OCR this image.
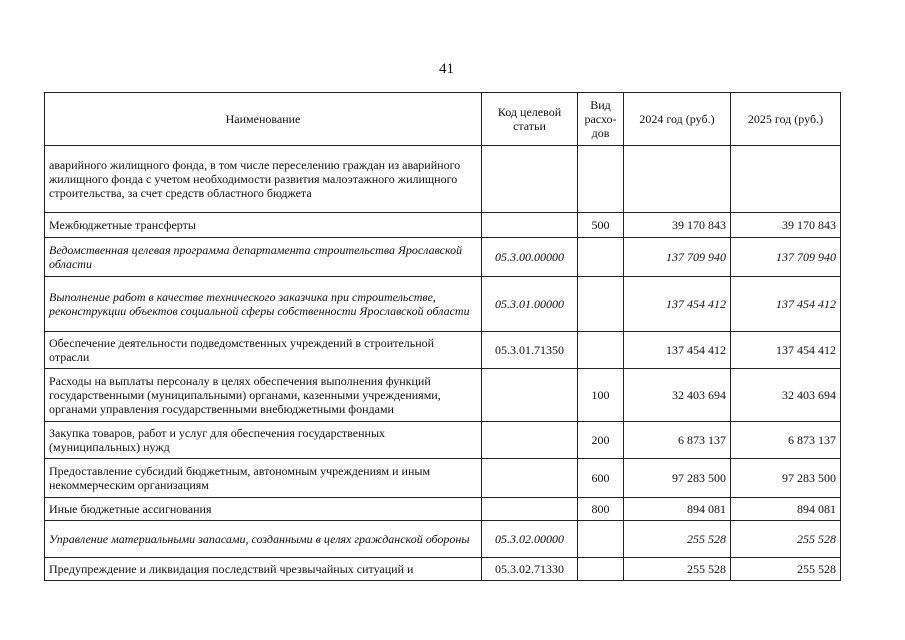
41
Наименование	Код целевой статьи	Вид расхо-дов	2024 год (руб.)	2025 год (руб.)
аварийного жилищного фонда, в том числе переселению граждан из аварийного жилищного фонда с учетом необходимости развития малоэтажного жилищного строительства, за счет средств областного бюджета				
Межбюджетные трансферты		500	39 170 843	39 170 843
Ведомственная целевая программа департамента строительства Ярославской области	05.3.00.00000		137 709 940	137 709 940
Выполнение работ в качестве технического заказчика при строительстве, реконструкции объектов социальной сферы собственности Ярославской области	05.3.01.00000		137 454 412	137 454 412
Обеспечение деятельности подведомственных учреждений в строительной отрасли	05.3.01.71350		137 454 412	137 454 412
Расходы на выплаты персоналу в целях обеспечения выполнения функций государственными (муниципальными) органами, казенными учреждениями, органами управления государственными внебюджетными фондами		100	32 403 694	32 403 694
Закупка товаров, работ и услуг для обеспечения государственных (муниципальных) нужд		200	6 873 137	6 873 137
Предоставление субсидий бюджетным, автономным учреждениям и иным некоммерческим организациям		600	97 283 500	97 283 500
Иные бюджетные ассигнования		800	894 081	894 081
Управление материальными запасами, созданными в целях гражданской обороны	05.3.02.00000		255 528	255 528
Предупреждение и ликвидация последствий чрезвычайных ситуаций и	05.3.02.71330		255 528	255 528
